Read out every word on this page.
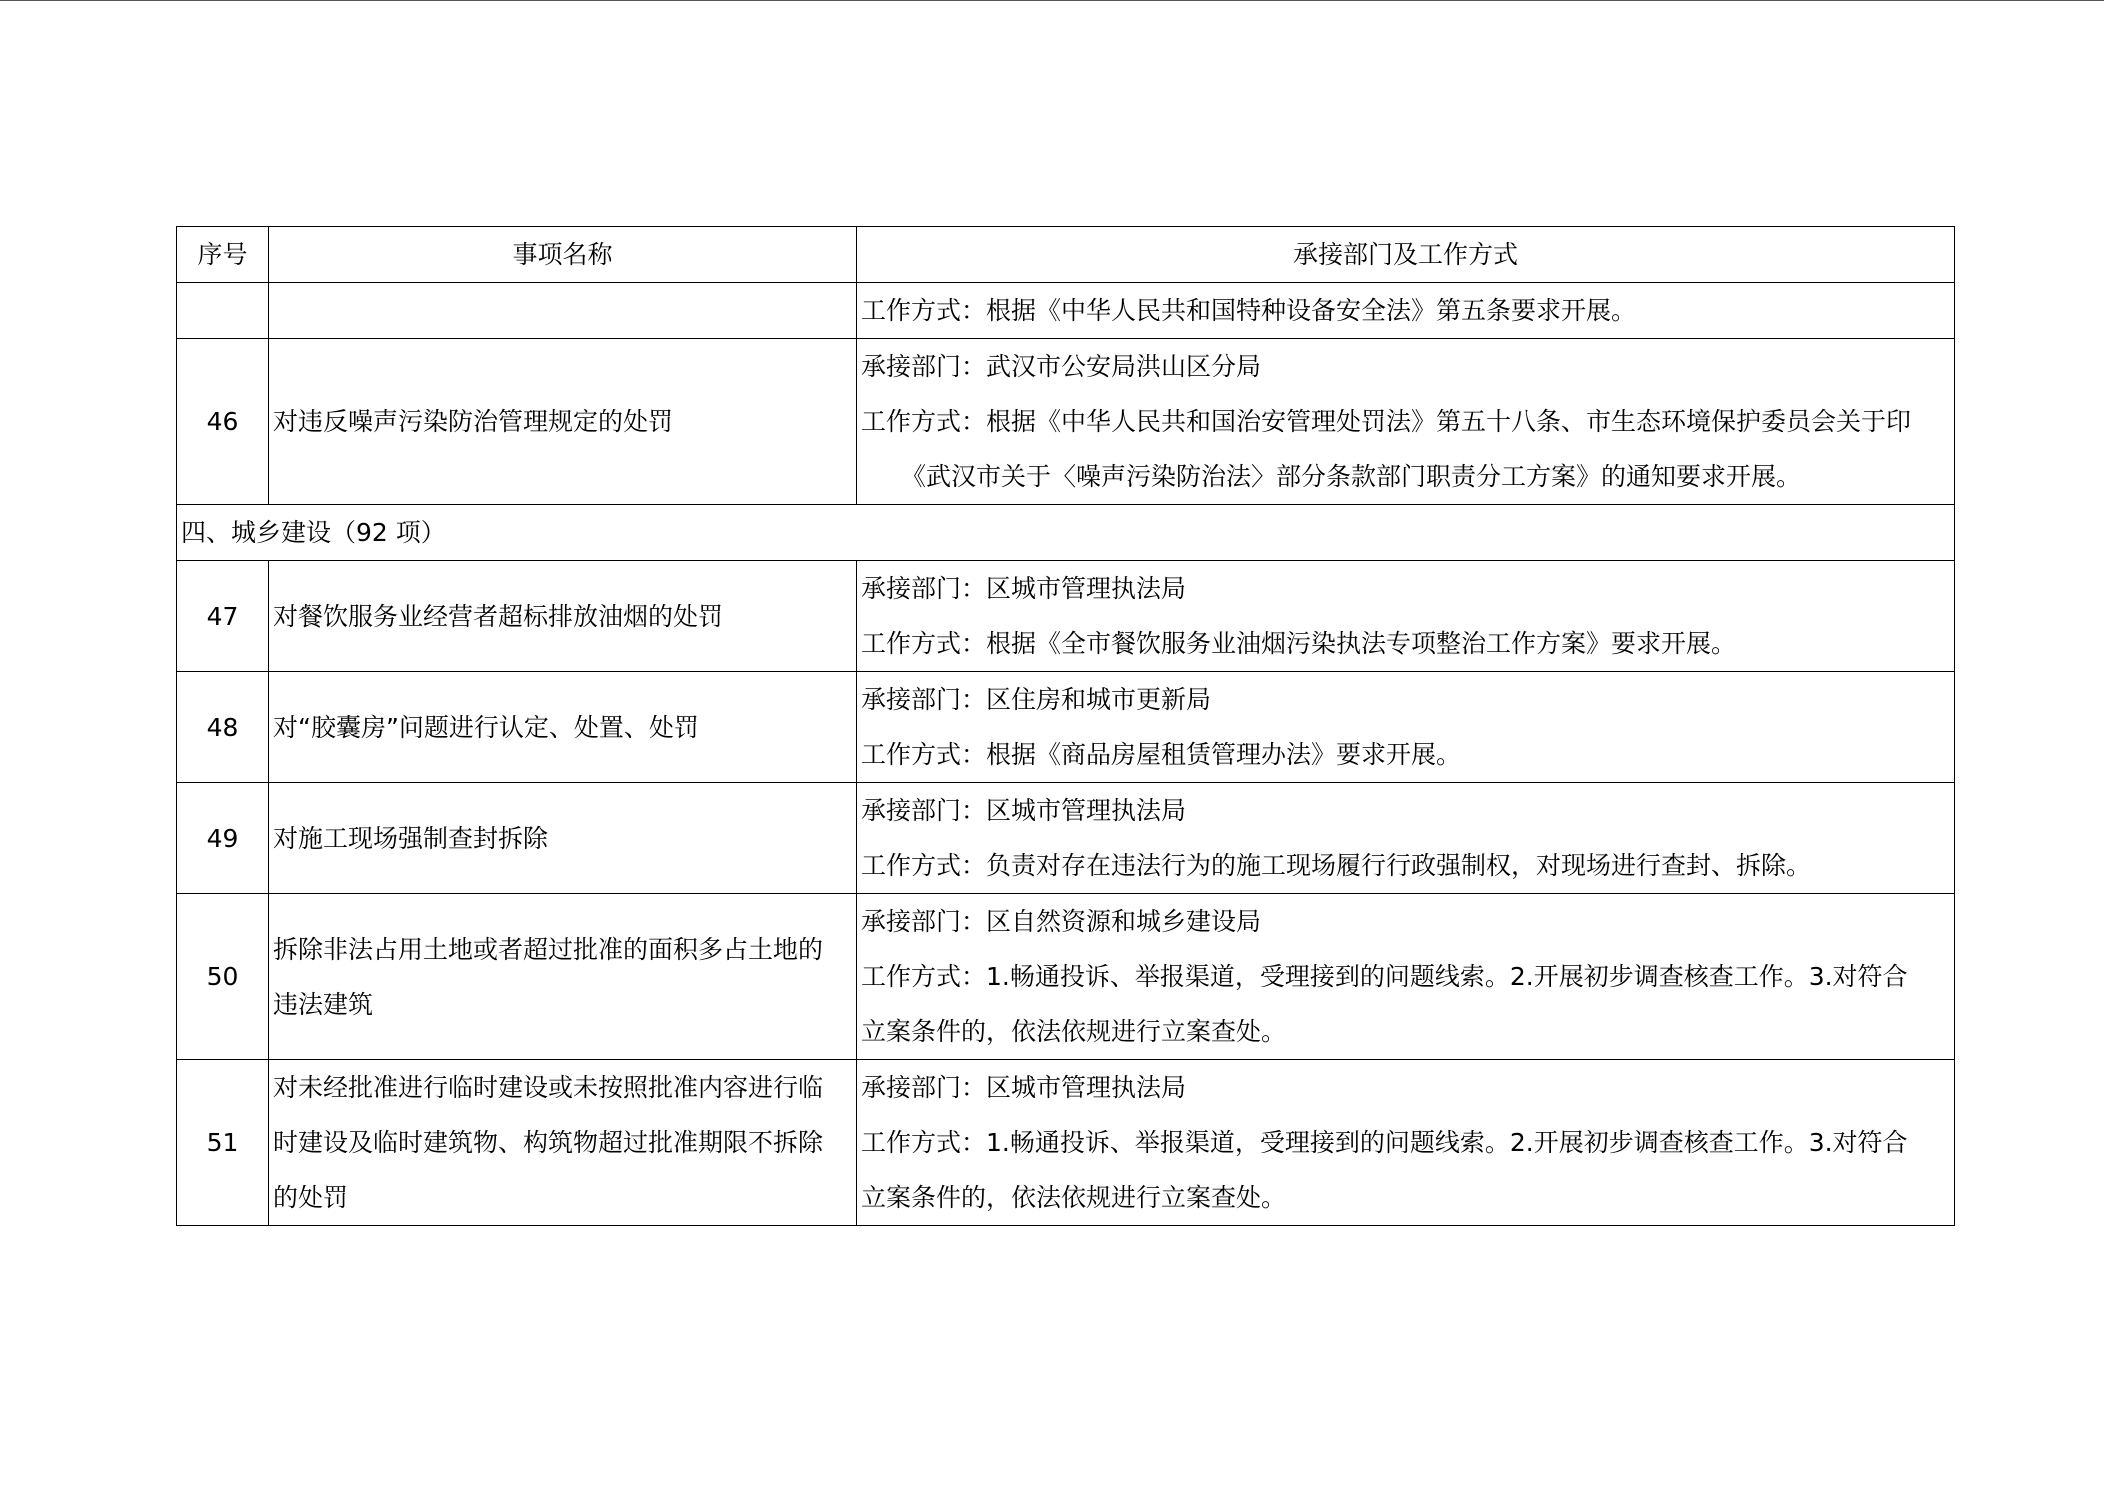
序号	事项名称	承接部门及工作方式

		工作方式：根据《中华人民共和国特种设备安全法》第五条要求开展。

46	对违反噪声污染防治管理规定的处罚	承接部门：武汉市公安局洪山区分局
工作方式：根据《中华人民共和国治安管理处罚法》第五十八条、市生态环境保护委员会关于印
《武汉市关于〈噪声污染防治法〉部分条款部门职责分工方案》的通知要求开展。

四、城乡建设（92 项）		
47	对餐饮服务业经营者超标排放油烟的处罚	承接部门：区城市管理执法局
工作方式：根据《全市餐饮服务业油烟污染执法专项整治工作方案》要求开展。

48	对“胶囊房”问题进行认定、处置、处罚	承接部门：区住房和城市更新局
工作方式：根据《商品房屋租赁管理办法》要求开展。

49	对施工现场强制查封拆除	承接部门：区城市管理执法局
工作方式：负责对存在违法行为的施工现场履行行政强制权，对现场进行查封、拆除。

50	拆除非法占用土地或者超过批准的面积多占土地的
违法建筑	承接部门：区自然资源和城乡建设局
工作方式：1.畅通投诉、举报渠道，受理接到的问题线索。2.开展初步调查核查工作。3.对符合
立案条件的，依法依规进行立案查处。

51	对未经批准进行临时建设或未按照批准内容进行临
时建设及临时建筑物、构筑物超过批准期限不拆除
的处罚	承接部门：区城市管理执法局
工作方式：1.畅通投诉、举报渠道，受理接到的问题线索。2.开展初步调查核查工作。3.对符合
立案条件的，依法依规进行立案查处。
